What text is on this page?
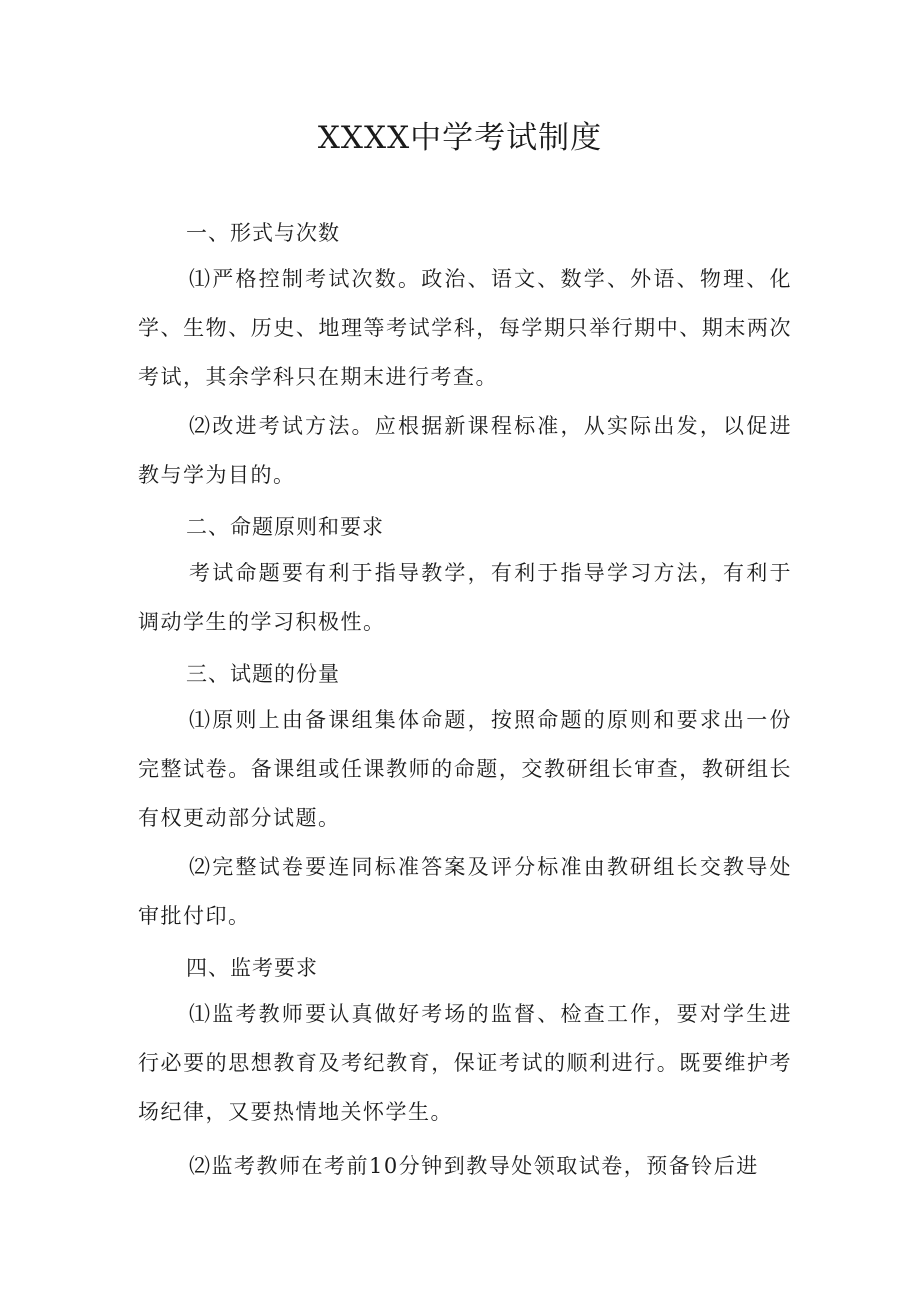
XXXX中学考试制度
一、形式与次数
⑴严格控制考试次数。政治、语文、数学、外语、物理、化学、生物、历史、地理等考试学科，每学期只举行期中、期末两次考试，其余学科只在期末进行考查。
⑵改进考试方法。应根据新课程标准，从实际出发，以促进教与学为目的。
二、命题原则和要求
考试命题要有利于指导教学，有利于指导学习方法，有利于调动学生的学习积极性。
三、试题的份量
⑴原则上由备课组集体命题，按照命题的原则和要求出一份完整试卷。备课组或任课教师的命题，交教研组长审查，教研组长有权更动部分试题。
⑵完整试卷要连同标准答案及评分标准由教研组长交教导处审批付印。
四、监考要求
⑴监考教师要认真做好考场的监督、检查工作，要对学生进行必要的思想教育及考纪教育，保证考试的顺利进行。既要维护考场纪律，又要热情地关怀学生。
⑵监考教师在考前10分钟到教导处领取试卷，预备铃后进
